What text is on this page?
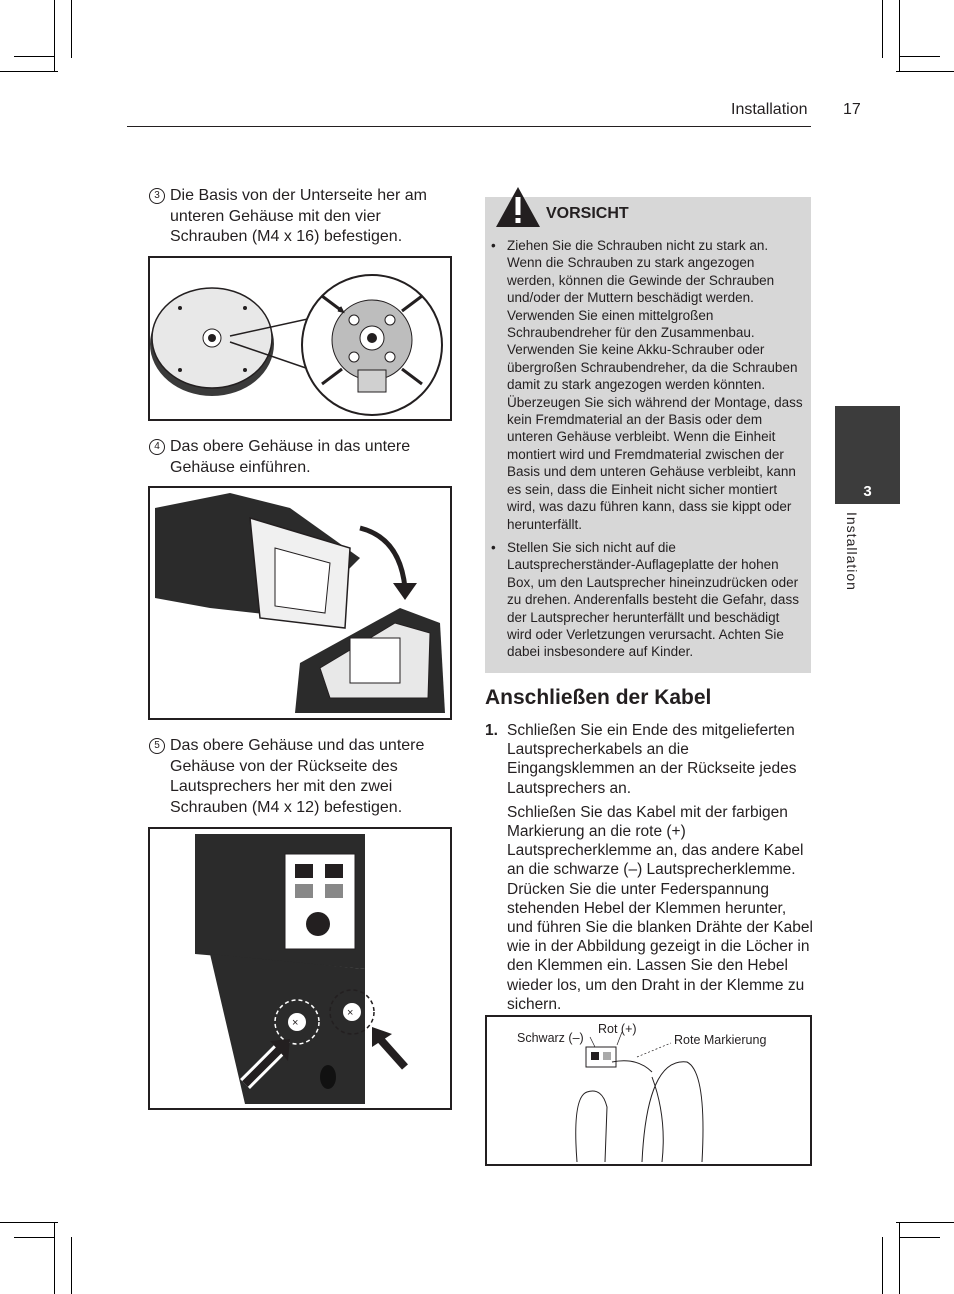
Installation 17
3
Installation
3 Die Basis von der Unterseite her am unteren Gehäuse mit den vier Schrauben (M4 x 16) befestigen.
4 Das obere Gehäuse in das untere Gehäuse einführen.
5 Das obere Gehäuse und das untere Gehäuse von der Rückseite des Lautsprechers her mit den zwei Schrauben (M4 x 12) befestigen.
×
×
VORSICHT
• Ziehen Sie die Schrauben nicht zu stark an. Wenn die Schrauben zu stark angezogen werden, können die Gewinde der Schrauben und/oder der Muttern beschädigt werden. Verwenden Sie einen mittelgroßen Schraubendreher für den Zusammenbau. Verwenden Sie keine Akku-Schrauber oder übergroßen Schraubendreher, da die Schrauben damit zu stark angezogen werden könnten. Überzeugen Sie sich während der Montage, dass kein Fremdmaterial an der Basis oder dem unteren Gehäuse verbleibt. Wenn die Einheit montiert wird und Fremdmaterial zwischen der Basis und dem unteren Gehäuse verbleibt, kann es sein, dass die Einheit nicht sicher montiert wird, was dazu führen kann, dass sie kippt oder herunterfällt.
• Stellen Sie sich nicht auf die Lautsprecherständer-Auflageplatte der hohen Box, um den Lautsprecher hineinzudrücken oder zu drehen. Anderenfalls besteht die Gefahr, dass der Lautsprecher herunterfällt und beschädigt wird oder Verletzungen verursacht. Achten Sie dabei insbesondere auf Kinder.
Anschließen der Kabel
1. Schließen Sie ein Ende des mitgelieferten Lautsprecherkabels an die Eingangsklemmen an der Rückseite jedes Lautsprechers an.

Schließen Sie das Kabel mit der farbigen Markierung an die rote (+) Lautsprecherklemme an, das andere Kabel an die schwarze (–) Lautsprecherklemme. Drücken Sie die unter Federspannung stehenden Hebel der Klemmen herunter, und führen Sie die blanken Drähte der Kabel wie in der Abbildung gezeigt in die Löcher in den Klemmen ein. Lassen Sie den Hebel wieder los, um den Draht in der Klemme zu sichern.

Schwarz (–)
Rot (+)
Rote Markierung
